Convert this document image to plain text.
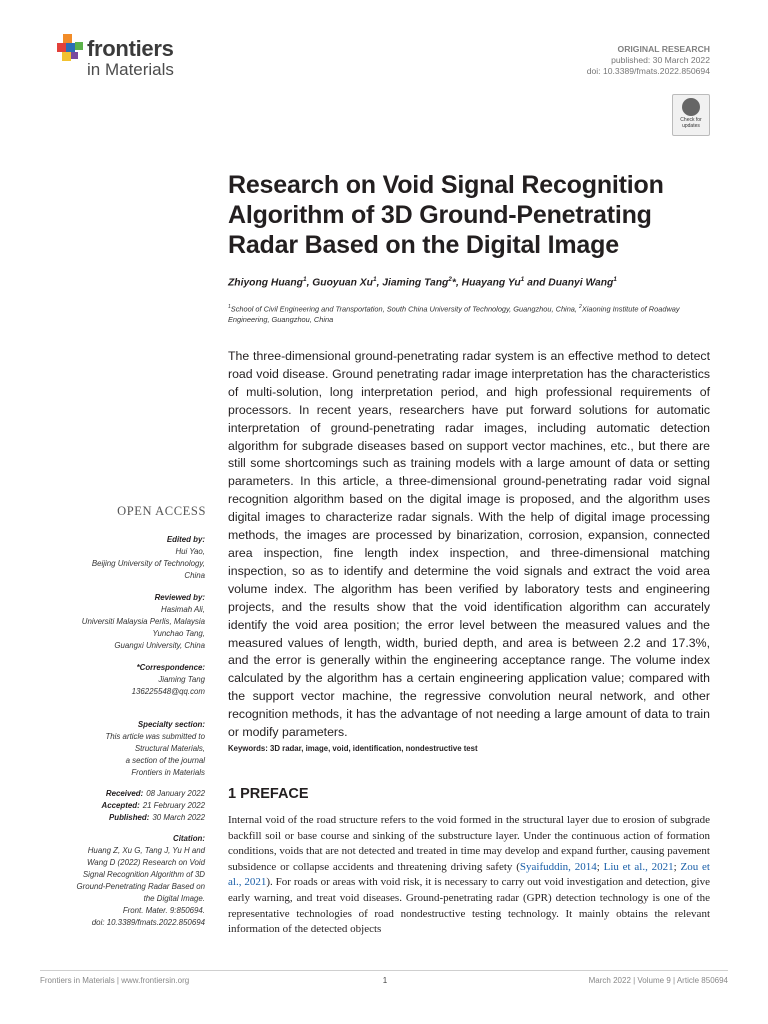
frontiers
in Materials
ORIGINAL RESEARCH
published: 30 March 2022
doi: 10.3389/fmats.2022.850694
Check for updates
Research on Void Signal Recognition Algorithm of 3D Ground-Penetrating Radar Based on the Digital Image
Zhiyong Huang$^1$, Guoyuan Xu$^1$, Jiaming Tang$^2$*, Huayang Yu$^1$ and Duanyi Wang$^1$
$^1$School of Civil Engineering and Transportation, South China University of Technology, Guangzhou, China, $^2$Xiaoning Institute of Roadway Engineering, Guangzhou, China

The three-dimensional ground-penetrating radar system is an effective method to detect road void disease. Ground penetrating radar image interpretation has the characteristics of multi-solution, long interpretation period, and high professional requirements of processors. In recent years, researchers have put forward solutions for automatic interpretation of ground-penetrating radar images, including automatic detection algorithm for subgrade diseases based on support vector machines, etc., but there are still some shortcomings such as training models with a large amount of data or setting parameters. In this article, a three-dimensional ground-penetrating radar void signal recognition algorithm based on the digital image is proposed, and the algorithm uses digital images to characterize radar signals. With the help of digital image processing methods, the images are processed by binarization, corrosion, expansion, connected area inspection, fine length index inspection, and three-dimensional matching inspection, so as to identify and determine the void signals and extract the void area volume index. The algorithm has been verified by laboratory tests and engineering projects, and the results show that the void identification algorithm can accurately identify the void area position; the error level between the measured values and the measured values of length, width, buried depth, and area is between 2.2 and 17.3%, and the error is generally within the engineering acceptance range. The volume index calculated by the algorithm has a certain engineering application value; compared with the support vector machine, the regressive convolution neural network, and other recognition methods, it has the advantage of not needing a large amount of data to train or modify parameters.

Keywords: 3D radar, image, void, identification, nondestructive test
OPEN ACCESS
Edited by:
Hui Yao,
Beijing University of Technology,
China
Reviewed by:
Hasimah Ali,
Universiti Malaysia Perlis, Malaysia
Yunchao Tang,
Guangxi University, China
*Correspondence:
Jiaming Tang
136225548@qq.com
Specialty section:
This article was submitted to
Structural Materials,
a section of the journal
Frontiers in Materials
Received: 08 January 2022
Accepted: 21 February 2022
Published: 30 March 2022
Citation:
Huang Z, Xu G, Tang J, Yu H and
Wang D (2022) Research on Void
Signal Recognition Algorithm of 3D
Ground-Penetrating Radar Based on
the Digital Image.
Front. Mater. 9:850694.
doi: 10.3389/fmats.2022.850694
1 PREFACE

Internal void of the road structure refers to the void formed in the structural layer due to erosion of subgrade backfill soil or base course and sinking of the substructure layer. Under the continuous action of formation conditions, voids that are not detected and treated in time may develop and expand further, causing pavement subsidence or collapse accidents and threatening driving safety (Syaifuddin, 2014; Liu et al., 2021; Zou et al., 2021). For roads or areas with void risk, it is necessary to carry out void investigation and detection, give early warning, and treat void diseases. Ground-penetrating radar (GPR) detection technology is one of the representative technologies of road nondestructive testing technology. It mainly obtains the relevant information of the detected objects

Frontiers in Materials | www.frontiersin.org	1	March 2022 | Volume 9 | Article 850694
